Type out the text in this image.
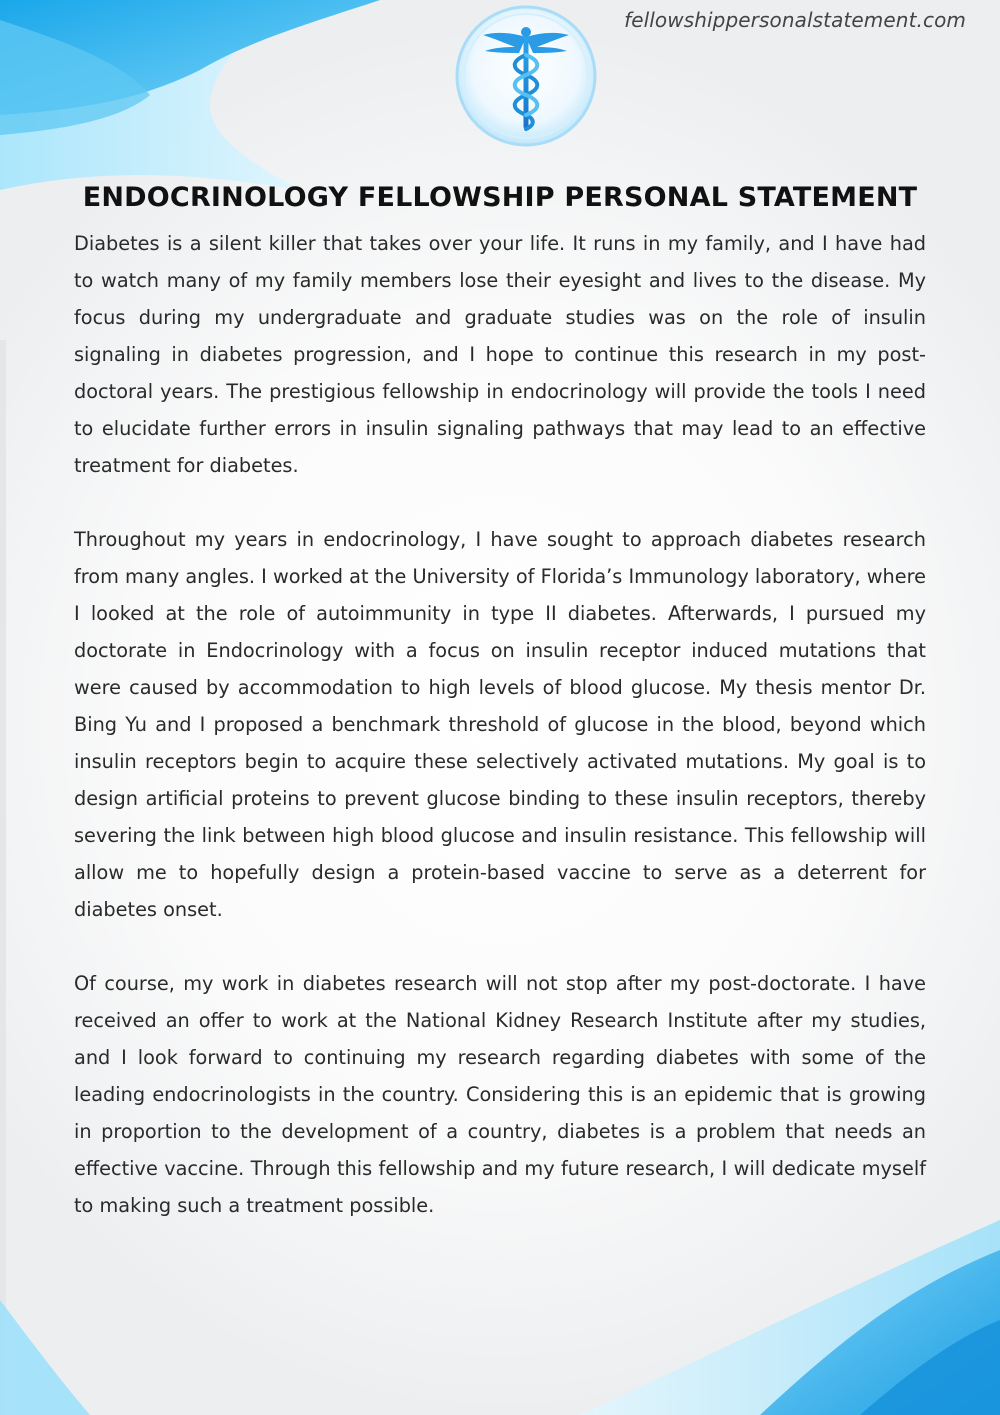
fellowshippersonalstatement.com
ENDOCRINOLOGY FELLOWSHIP PERSONAL STATEMENT

Diabetes is a silent killer that takes over your life. It runs in my family, and I have had to watch many of my family members lose their eyesight and lives to the disease. My focus during my undergraduate and graduate studies was on the role of insulin signaling in diabetes progression, and I hope to continue this research in my post-doctoral years. The prestigious fellowship in endocrinology will provide the tools I need to elucidate further errors in insulin signaling pathways that may lead to an effective treatment for diabetes.

Throughout my years in endocrinology, I have sought to approach diabetes research from many angles. I worked at the University of Florida’s Immunology laboratory, where I looked at the role of autoimmunity in type II diabetes. Afterwards, I pursued my doctorate in Endocrinology with a focus on insulin receptor induced mutations that were caused by accommodation to high levels of blood glucose. My thesis mentor Dr. Bing Yu and I proposed a benchmark threshold of glucose in the blood, beyond which insulin receptors begin to acquire these selectively activated mutations. My goal is to design artificial proteins to prevent glucose binding to these insulin receptors, thereby severing the link between high blood glucose and insulin resistance. This fellowship will allow me to hopefully design a protein-based vaccine to serve as a deterrent for diabetes onset.

Of course, my work in diabetes research will not stop after my post-doctorate. I have received an offer to work at the National Kidney Research Institute after my studies, and I look forward to continuing my research regarding diabetes with some of the leading endocrinologists in the country. Considering this is an epidemic that is growing in proportion to the development of a country, diabetes is a problem that needs an effective vaccine. Through this fellowship and my future research, I will dedicate myself to making such a treatment possible.
